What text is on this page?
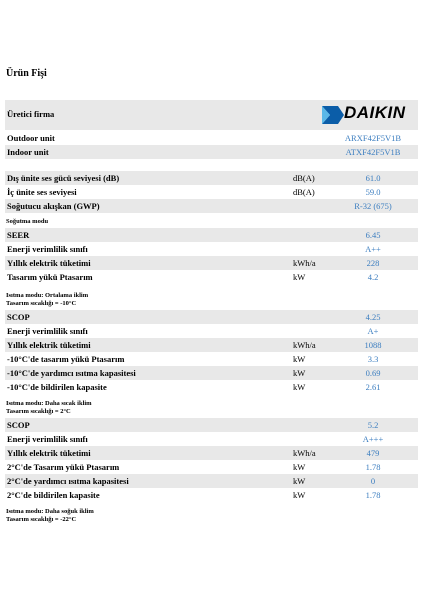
Ürün Fişi
Üretici firma	DAIKIN
Outdoor unit	ARXF42F5V1B
Indoor unit	ATXF42F5V1B
Dış ünite ses gücü seviyesi (dB)	dB(A)	61.0
İç ünite ses seviyesi	dB(A)	59.0
Soğutucu akışkan (GWP)	R-32 (675)
Soğutma modu
SEER	6.45
Enerji verimlilik sınıfı	A++
Yıllık elektrik tüketimi	kWh/a	228
Tasarım yükü Ptasarım	kW	4.2
Isıtma modu: Ortalama iklim
Tasarım sıcaklığı = -10°C
SCOP	4.25
Enerji verimlilik sınıfı	A+
Yıllık elektrik tüketimi	kWh/a	1088
-10°C'de tasarım yükü Ptasarım	kW	3.3
-10°C'de yardımcı ısıtma kapasitesi	kW	0.69
-10°C'de bildirilen kapasite	kW	2.61
Isıtma modu: Daha sıcak iklim
Tasarım sıcaklığı = 2°C
SCOP	5.2
Enerji verimlilik sınıfı	A+++
Yıllık elektrik tüketimi	kWh/a	479
2°C'de Tasarım yükü Ptasarım	kW	1.78
2°C'de yardımcı ısıtma kapasitesi	kW	0
2°C'de bildirilen kapasite	kW	1.78
Isıtma modu: Daha soğuk iklim
Tasarım sıcaklığı = -22°C
